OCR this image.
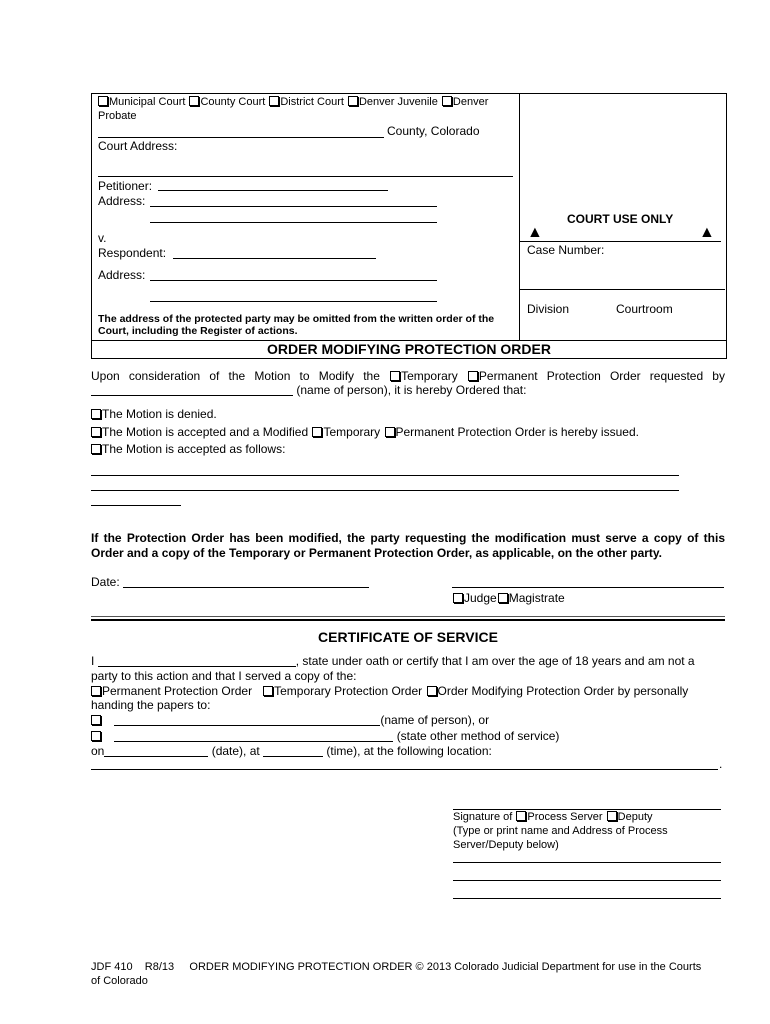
Municipal Court County Court District Court Denver Juvenile Denver
Probate
County, Colorado
Court Address:
Petitioner:
Address:
v.
Respondent:
Address:
The address of the protected party may be omitted from the written order of the Court, including the Register of actions.
COURT USE ONLY
▲	▲
Case Number:
Division	Courtroom
ORDER MODIFYING PROTECTION ORDER
Upon consideration of the Motion to Modify the Temporary Permanent Protection Order requested by
(name of person), it is hereby Ordered that:
The Motion is denied.
The Motion is accepted and a Modified Temporary Permanent Protection Order is hereby issued.
The Motion is accepted as follows:
If the Protection Order has been modified, the party requesting the modification must serve a copy of this Order and a copy of the Temporary or Permanent Protection Order, as applicable, on the other party.
Date:
Judge Magistrate
CERTIFICATE OF SERVICE
I	, state under oath or certify that I am over the age of 18 years and am not a
party to this action and that I served a copy of the:
Permanent Protection Order Temporary Protection Order Order Modifying Protection Order by personally
handing the papers to:
(name of person), or
(state other method of service)
on	(date), at	(time), at the following location:
.
Signature of Process Server Deputy
(Type or print name and Address of Process
Server/Deputy below)
JDF 410    R8/13     ORDER MODIFYING PROTECTION ORDER © 2013 Colorado Judicial Department for use in the Courts
of Colorado
